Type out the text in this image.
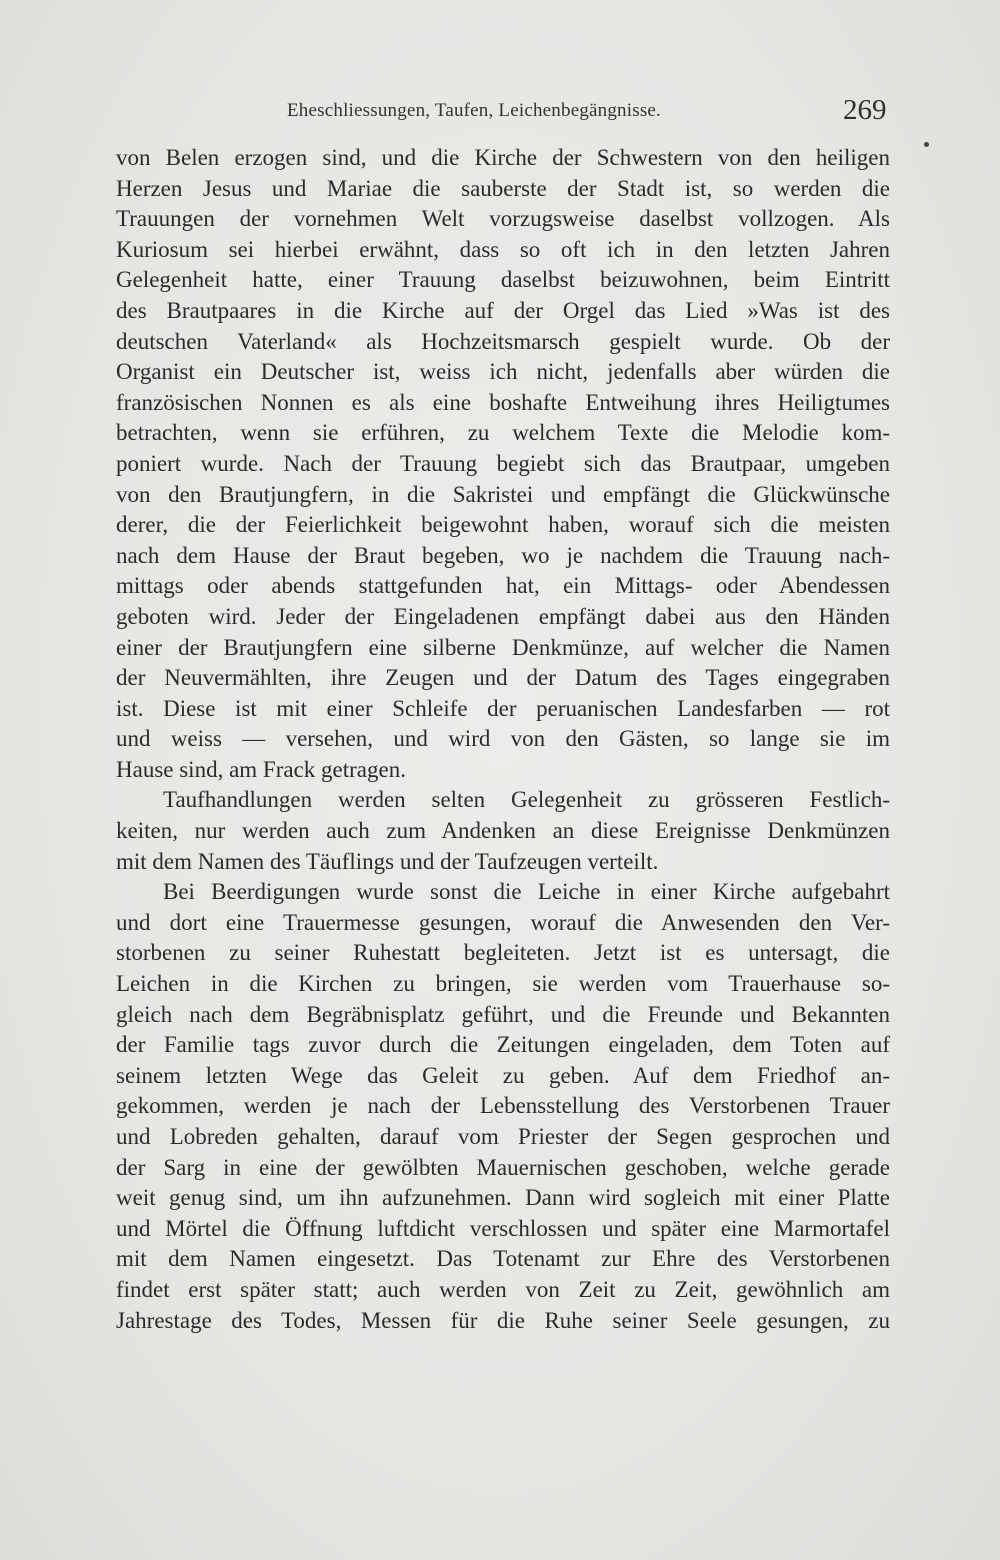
Eheschliessungen, Taufen, Leichenbegängnisse.	269
von Belen erzogen sind, und die Kirche der Schwestern von den heiligen
Herzen Jesus und Mariae die sauberste der Stadt ist, so werden die
Trauungen der vornehmen Welt vorzugsweise daselbst vollzogen. Als
Kuriosum sei hierbei erwähnt, dass so oft ich in den letzten Jahren
Gelegenheit hatte, einer Trauung daselbst beizuwohnen, beim Eintritt
des Brautpaares in die Kirche auf der Orgel das Lied »Was ist des
deutschen Vaterland« als Hochzeitsmarsch gespielt wurde. Ob der
Organist ein Deutscher ist, weiss ich nicht, jedenfalls aber würden die
französischen Nonnen es als eine boshafte Entweihung ihres Heiligtumes
betrachten, wenn sie erführen, zu welchem Texte die Melodie kom-
poniert wurde. Nach der Trauung begiebt sich das Brautpaar, umgeben
von den Brautjungfern, in die Sakristei und empfängt die Glückwünsche
derer, die der Feierlichkeit beigewohnt haben, worauf sich die meisten
nach dem Hause der Braut begeben, wo je nachdem die Trauung nach-
mittags oder abends stattgefunden hat, ein Mittags- oder Abendessen
geboten wird. Jeder der Eingeladenen empfängt dabei aus den Händen
einer der Brautjungfern eine silberne Denkmünze, auf welcher die Namen
der Neuvermählten, ihre Zeugen und der Datum des Tages eingegraben
ist. Diese ist mit einer Schleife der peruanischen Landesfarben — rot
und weiss — versehen, und wird von den Gästen, so lange sie im
Hause sind, am Frack getragen.
Taufhandlungen werden selten Gelegenheit zu grösseren Festlich-
keiten, nur werden auch zum Andenken an diese Ereignisse Denkmünzen
mit dem Namen des Täuflings und der Taufzeugen verteilt.
Bei Beerdigungen wurde sonst die Leiche in einer Kirche aufgebahrt
und dort eine Trauermesse gesungen, worauf die Anwesenden den Ver-
storbenen zu seiner Ruhestatt begleiteten. Jetzt ist es untersagt, die
Leichen in die Kirchen zu bringen, sie werden vom Trauerhause so-
gleich nach dem Begräbnisplatz geführt, und die Freunde und Bekannten
der Familie tags zuvor durch die Zeitungen eingeladen, dem Toten auf
seinem letzten Wege das Geleit zu geben. Auf dem Friedhof an-
gekommen, werden je nach der Lebensstellung des Verstorbenen Trauer
und Lobreden gehalten, darauf vom Priester der Segen gesprochen und
der Sarg in eine der gewölbten Mauernischen geschoben, welche gerade
weit genug sind, um ihn aufzunehmen. Dann wird sogleich mit einer Platte
und Mörtel die Öffnung luftdicht verschlossen und später eine Marmortafel
mit dem Namen eingesetzt. Das Totenamt zur Ehre des Verstorbenen
findet erst später statt; auch werden von Zeit zu Zeit, gewöhnlich am
Jahrestage des Todes, Messen für die Ruhe seiner Seele gesungen, zu
